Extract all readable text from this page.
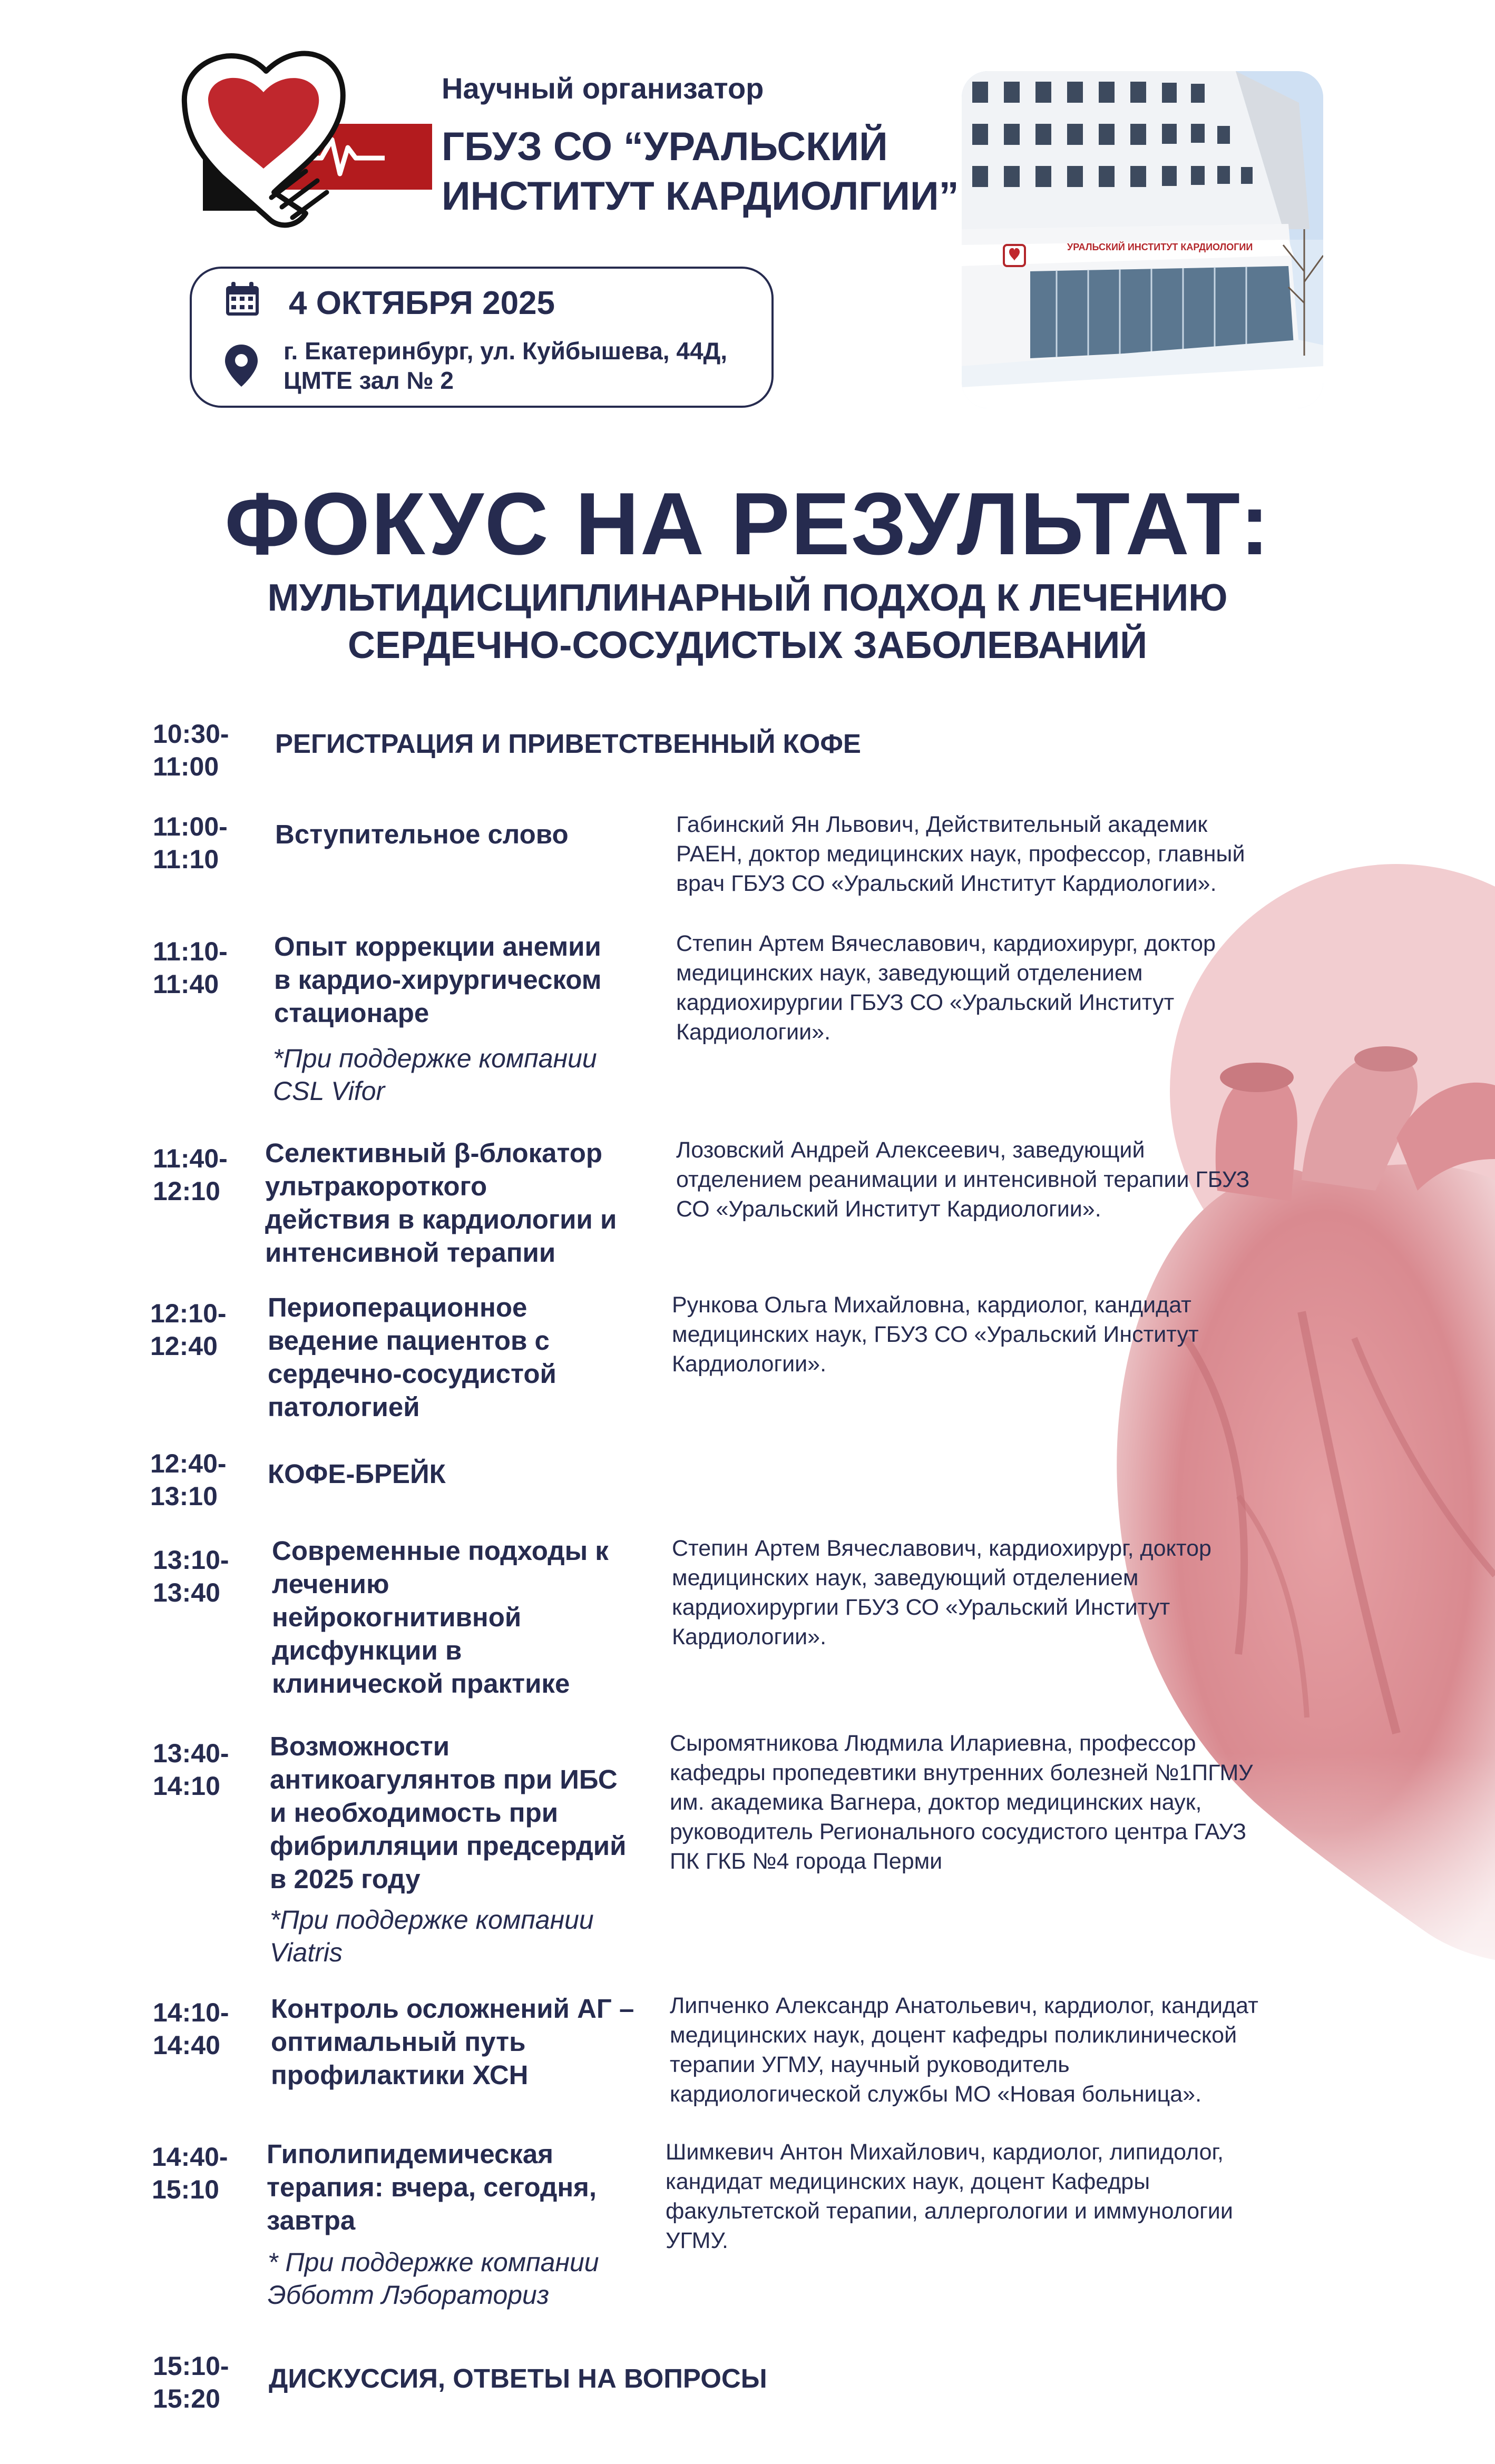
Научный организатор
ГБУЗ СО “УРАЛЬСКИЙ
ИНСТИТУТ КАРДИОЛГИИ”
4 ОКТЯБРЯ 2025
г. Екатеринбург, ул. Куйбышева, 44Д,
ЦМТЕ зал № 2
УРАЛЬСКИЙ ИНСТИТУТ КАРДИОЛОГИИ
ФОКУС НА РЕЗУЛЬТАТ:
МУЛЬТИДИСЦИПЛИНАРНЫЙ ПОДХОД К ЛЕЧЕНИЮ
СЕРДЕЧНО-СОСУДИСТЫХ ЗАБОЛЕВАНИЙ
10:30-
11:00
РЕГИСТРАЦИЯ И ПРИВЕТСТВЕННЫЙ КОФЕ
11:00-
11:10
Вступительное слово	Габинский Ян Львович, Действительный академик
РАЕН, доктор медицинских наук, профессор, главный
врач ГБУЗ СО «Уральский Институт Кардиологии».
11:10-
11:40
Опыт коррекции анемии
в кардио-хирургическом
стационаре
*При поддержке компании
CSL Vifor
Степин Артем Вячеславович, кардиохирург, доктор
медицинских наук, заведующий отделением
кардиохирургии ГБУЗ СО «Уральский Институт
Кардиологии».
11:40-
12:10
Селективный β-блокатор
ультракороткого
действия в кардиологии и
интенсивной терапии
Лозовский Андрей Алексеевич, заведующий
отделением реанимации и интенсивной терапии ГБУЗ
СО «Уральский Институт Кардиологии».
12:10-
12:40
Периоперационное
ведение пациентов с
сердечно-сосудистой
патологией
Рункова Ольга Михайловна, кардиолог, кандидат
медицинских наук, ГБУЗ СО «Уральский Институт
Кардиологии».
12:40-
13:10
КОФЕ-БРЕЙК
13:10-
13:40
Современные подходы к
лечению
нейрокогнитивной
дисфункции в
клинической практике
Степин Артем Вячеславович, кардиохирург, доктор
медицинских наук, заведующий отделением
кардиохирургии ГБУЗ СО «Уральский Институт
Кардиологии».
13:40-
14:10
Возможности
антикоагулянтов при ИБС
и необходимость при
фибрилляции предсердий
в 2025 году
*При поддержке компании
Viatris
Сыромятникова Людмила Илариевна, профессор
кафедры пропедевтики внутренних болезней №1ПГМУ
им. академика Вагнера, доктор медицинских наук,
руководитель Регионального сосудистого центра ГАУЗ
ПК ГКБ №4 города Перми
14:10-
14:40
Контроль осложнений АГ –
оптимальный путь
профилактики ХСН
Липченко Александр Анатольевич, кардиолог, кандидат
медицинских наук, доцент кафедры поликлинической
терапии УГМУ, научный руководитель
кардиологической службы МО «Новая больница».
14:40-
15:10
Гиполипидемическая
терапия: вчера, сегодня,
завтра
* При поддержке компании
Эбботт Лэбораториз
Шимкевич Антон Михайлович, кардиолог, липидолог,
кандидат медицинских наук, доцент Кафедры
факультетской терапии, аллергологии и иммунологии
УГМУ.
15:10-
15:20
ДИСКУССИЯ, ОТВЕТЫ НА ВОПРОСЫ
